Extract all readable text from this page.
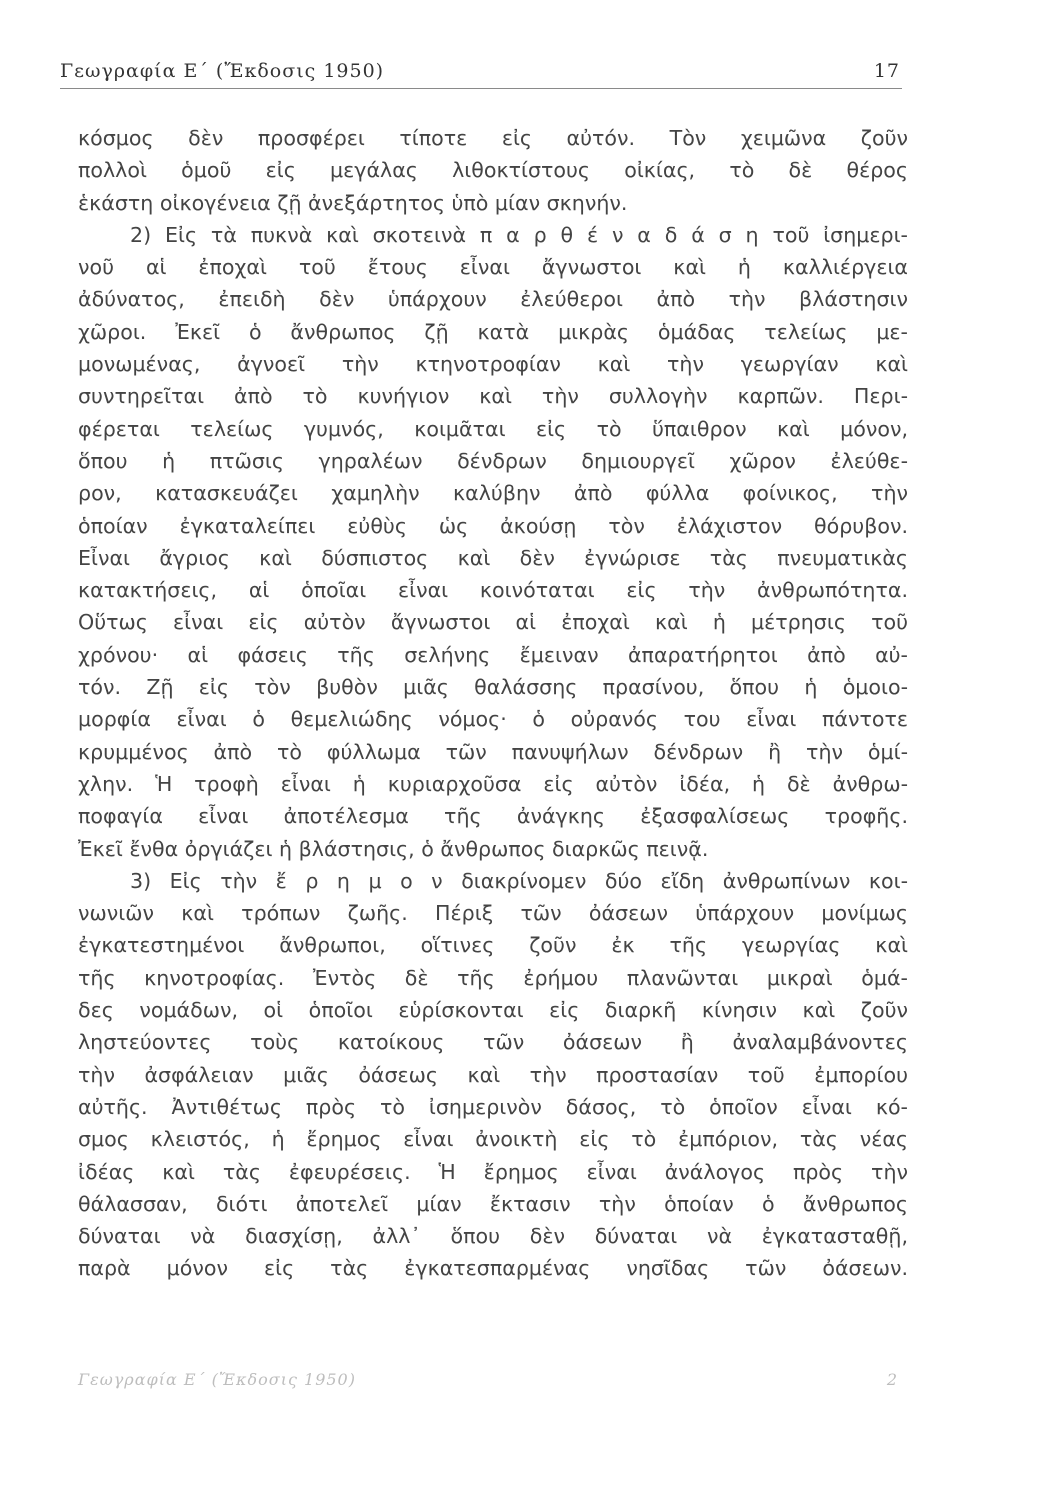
Γεωγραφία Ε΄ (Ἔκδοσις 1950)	17
κόσμος δὲν προσφέρει τίποτε εἰς αὐτόν. Τὸν χειμῶνα ζοῦν
πολλοὶ ὁμοῦ εἰς μεγάλας λιθοκτίστους οἰκίας, τὸ δὲ θέρος
ἑκάστη οἰκογένεια ζῇ ἀνεξάρτητος ὑπὸ μίαν σκηνήν.
2) Εἰς τὰ πυκνὰ καὶ σκοτεινὰ π α ρ θ έ ν α δ ά σ η τοῦ ἰσημερι-
νοῦ αἱ ἐποχαὶ τοῦ ἔτους εἶναι ἄγνωστοι καὶ ἡ καλλιέργεια
ἀδύνατος, ἐπειδὴ δὲν ὑπάρχουν ἐλεύθεροι ἀπὸ τὴν βλάστησιν
χῶροι. Ἐκεῖ ὁ ἄνθρωπος ζῇ κατὰ μικρὰς ὁμάδας τελείως με-
μονωμένας, ἀγνοεῖ τὴν κτηνοτροφίαν καὶ τὴν γεωργίαν καὶ
συντηρεῖται ἀπὸ τὸ κυνήγιον καὶ τὴν συλλογὴν καρπῶν. Περι-
φέρεται τελείως γυμνός, κοιμᾶται εἰς τὸ ὕπαιθρον καὶ μόνον,
ὅπου ἡ πτῶσις γηραλέων δένδρων δημιουργεῖ χῶρον ἐλεύθε-
ρον, κατασκευάζει χαμηλὴν καλύβην ἀπὸ φύλλα φοίνικος, τὴν
ὁποίαν ἐγκαταλείπει εὐθὺς ὡς ἀκούσῃ τὸν ἐλάχιστον θόρυβον.
Εἶναι ἄγριος καὶ δύσπιστος καὶ δὲν ἐγνώρισε τὰς πνευματικὰς
κατακτήσεις, αἱ ὁποῖαι εἶναι κοινόταται εἰς τὴν ἀνθρωπότητα.
Οὕτως εἶναι εἰς αὐτὸν ἄγνωστοι αἱ ἐποχαὶ καὶ ἡ μέτρησις τοῦ
χρόνου· αἱ φάσεις τῆς σελήνης ἔμειναν ἀπαρατήρητοι ἀπὸ αὐ-
τόν. Ζῇ εἰς τὸν βυθὸν μιᾶς θαλάσσης πρασίνου, ὅπου ἡ ὁμοιο-
μορφία εἶναι ὁ θεμελιώδης νόμος· ὁ οὐρανός του εἶναι πάντοτε
κρυμμένος ἀπὸ τὸ φύλλωμα τῶν πανυψήλων δένδρων ἢ τὴν ὁμί-
χλην. Ἡ τροφὴ εἶναι ἡ κυριαρχοῦσα εἰς αὐτὸν ἰδέα, ἡ δὲ ἀνθρω-
ποφαγία εἶναι ἀποτέλεσμα τῆς ἀνάγκης ἐξασφαλίσεως τροφῆς.
Ἐκεῖ ἔνθα ὀργιάζει ἡ βλάστησις, ὁ ἄνθρωπος διαρκῶς πεινᾷ.
3) Εἰς τὴν ἔ ρ η μ ο ν διακρίνομεν δύο εἴδη ἀνθρωπίνων κοι-
νωνιῶν καὶ τρόπων ζωῆς. Πέριξ τῶν ὀάσεων ὑπάρχουν μονίμως
ἐγκατεστημένοι ἄνθρωποι, οἵτινες ζοῦν ἐκ τῆς γεωργίας καὶ
τῆς κηνοτροφίας. Ἐντὸς δὲ τῆς ἐρήμου πλανῶνται μικραὶ ὁμά-
δες νομάδων, οἱ ὁποῖοι εὑρίσκονται εἰς διαρκῆ κίνησιν καὶ ζοῦν
ληστεύοντες τοὺς κατοίκους τῶν ὀάσεων ἢ ἀναλαμβάνοντες
τὴν ἀσφάλειαν μιᾶς ὀάσεως καὶ τὴν προστασίαν τοῦ ἐμπορίου
αὐτῆς. Ἀντιθέτως πρὸς τὸ ἰσημερινὸν δάσος, τὸ ὁποῖον εἶναι κό-
σμος κλειστός, ἡ ἔρημος εἶναι ἀνοικτὴ εἰς τὸ ἐμπόριον, τὰς νέας
ἰδέας καὶ τὰς ἐφευρέσεις. Ἡ ἔρημος εἶναι ἀνάλογος πρὸς τὴν
θάλασσαν, διότι ἀποτελεῖ μίαν ἔκτασιν τὴν ὁποίαν ὁ ἄνθρωπος
δύναται νὰ διασχίσῃ, ἀλλ᾽ ὅπου δὲν δύναται νὰ ἐγκατασταθῇ,
παρὰ μόνον εἰς τὰς ἐγκατεσπαρμένας νησῖδας τῶν ὀάσεων.
Γεωγραφία Ε΄ (Ἔκδοσις 1950)	2
